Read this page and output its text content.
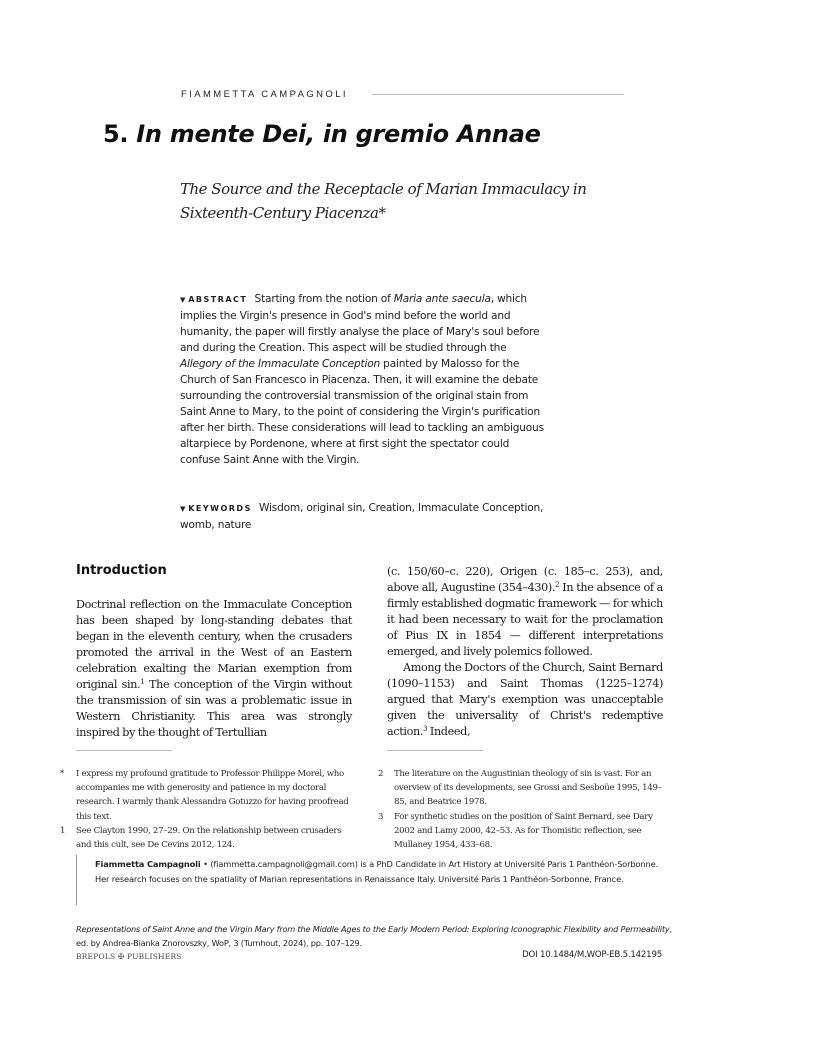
FIAMMETTA CAMPAGNOLI
5. In mente Dei, in gremio Annae
The Source and the Receptacle of Marian Immaculacy in Sixteenth-Century Piacenza*
▼ ABSTRACT Starting from the notion of Maria ante saecula, which implies the Virgin's presence in God's mind before the world and humanity, the paper will firstly analyse the place of Mary's soul before and during the Creation. This aspect will be studied through the Allegory of the Immaculate Conception painted by Malosso for the Church of San Francesco in Piacenza. Then, it will examine the debate surrounding the controversial transmission of the original stain from Saint Anne to Mary, to the point of considering the Virgin's purification after her birth. These considerations will lead to tackling an ambiguous altarpiece by Pordenone, where at first sight the spectator could confuse Saint Anne with the Virgin.
▼ KEYWORDS Wisdom, original sin, Creation, Immaculate Conception, womb, nature
Introduction

Doctrinal reflection on the Immaculate Conception has been shaped by long-standing debates that began in the eleventh century, when the crusaders promoted the arrival in the West of an Eastern celebration exalting the Marian exemption from original sin.$^1$ The conception of the Virgin without the transmission of sin was a problematic issue in Western Christianity. This area was strongly inspired by the thought of Tertullian

(c. 150/60–c. 220), Origen (c. 185–c. 253), and, above all, Augustine (354–430).$^2$ In the absence of a firmly established dogmatic framework — for which it had been necessary to wait for the proclamation of Pius IX in 1854 — different interpretations emerged, and lively polemics followed.

Among the Doctors of the Church, Saint Bernard (1090–1153) and Saint Thomas (1225–1274) argued that Mary's exemption was unacceptable given the universality of Christ's redemptive action.$^3$ Indeed,

*	I express my profound gratitude to Professor Philippe Morel, who accompanies me with generosity and patience in my doctoral research. I warmly thank Alessandra Gotuzzo for having proofread this text.
1	See Clayton 1990, 27–29. On the relationship between crusaders and this cult, see De Cevins 2012, 124.
2	The literature on the Augustinian theology of sin is vast. For an overview of its developments, see Grossi and Sesboüe 1995, 149–85, and Beatrice 1978.
3	For synthetic studies on the position of Saint Bernard, see Dary 2002 and Lamy 2000, 42–53. As for Thomistic reflection, see Mullaney 1954, 433–68.
Fiammetta Campagnoli • (fiammetta.campagnoli@gmail.com) is a PhD Candidate in Art History at Université Paris 1 Panthéon-Sorbonne. Her research focuses on the spatiality of Marian representations in Renaissance Italy. Université Paris 1 Panthéon-Sorbonne, France.
Representations of Saint Anne and the Virgin Mary from the Middle Ages to the Early Modern Period: Exploring Iconographic Flexibility and Permeability, ed. by Andrea-Bianka Znorovszky, WoP, 3 (Turnhout, 2024), pp. 107–129.
BREPOLS ✠ PUBLISHERS	DOI 10.1484/M.WOP-EB.5.142195
